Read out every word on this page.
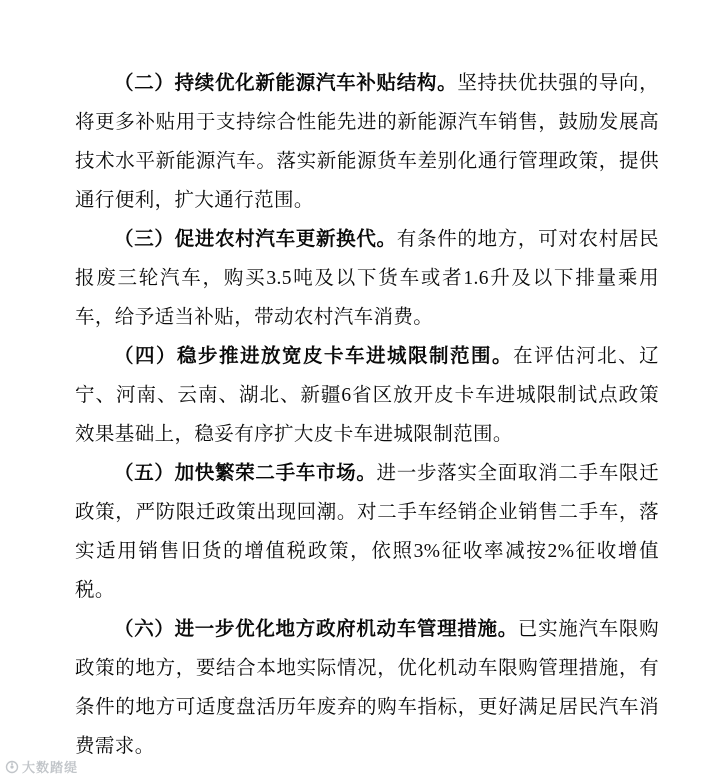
（二）持续优化新能源汽车补贴结构。坚持扶优扶强的导向，将更多补贴用于支持综合性能先进的新能源汽车销售，鼓励发展高技术水平新能源汽车。落实新能源货车差别化通行管理政策，提供通行便利，扩大通行范围。

（三）促进农村汽车更新换代。有条件的地方，可对农村居民报废三轮汽车，购买3.5吨及以下货车或者1.6升及以下排量乘用车，给予适当补贴，带动农村汽车消费。

（四）稳步推进放宽皮卡车进城限制范围。在评估河北、辽宁、河南、云南、湖北、新疆6省区放开皮卡车进城限制试点政策效果基础上，稳妥有序扩大皮卡车进城限制范围。

（五）加快繁荣二手车市场。进一步落实全面取消二手车限迁政策，严防限迁政策出现回潮。对二手车经销企业销售二手车，落实适用销售旧货的增值税政策，依照3%征收率减按2%征收增值税。

（六）进一步优化地方政府机动车管理措施。已实施汽车限购政策的地方，要结合本地实际情况，优化机动车限购管理措施，有条件的地方可适度盘活历年废弃的购车指标，更好满足居民汽车消费需求。

大数踏缇
